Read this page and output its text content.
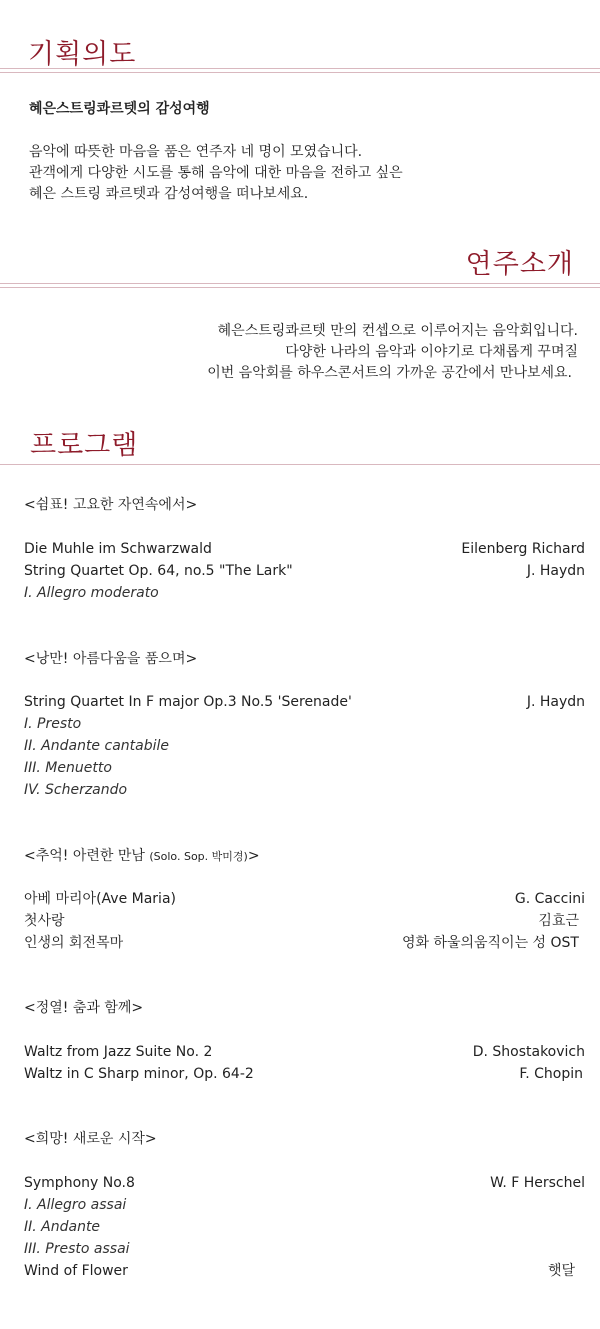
기획의도
혜은스트링콰르텟의 감성여행
음악에 따뜻한 마음을 품은 연주자 네 명이 모였습니다.
관객에게 다양한 시도를 통해 음악에 대한 마음을 전하고 싶은
혜은 스트링 콰르텟과 감성여행을 떠나보세요.
연주소개
혜은스트링콰르텟 만의 컨셉으로 이루어지는 음악회입니다.
다양한 나라의 음악과 이야기로 다채롭게 꾸며질
이번 음악회를 하우스콘서트의 가까운 공간에서 만나보세요.
프로그램
<쉼표! 고요한 자연속에서>
Die Muhle im Schwarzwald	Eilenberg Richard
String Quartet Op. 64, no.5 "The Lark"	J. Haydn
I. Allegro moderato
<낭만! 아름다움을 품으며>
String Quartet In F major Op.3 No.5 'Serenade'	J. Haydn
I. Presto
II. Andante cantabile
III. Menuetto
IV. Scherzando
<추억! 아련한 만남 (Solo. Sop. 박미경)>
아베 마리아(Ave Maria)	G. Caccini
첫사랑	김효근
인생의 회전목마	영화 하울의움직이는 성 OST
<정열! 춤과 함께>
Waltz from Jazz Suite No. 2	D. Shostakovich
Waltz in C Sharp minor, Op. 64-2	F. Chopin
<희망! 새로운 시작>
Symphony No.8	W. F Herschel
I. Allegro assai
II. Andante
III. Presto assai
Wind of Flower	햇달
